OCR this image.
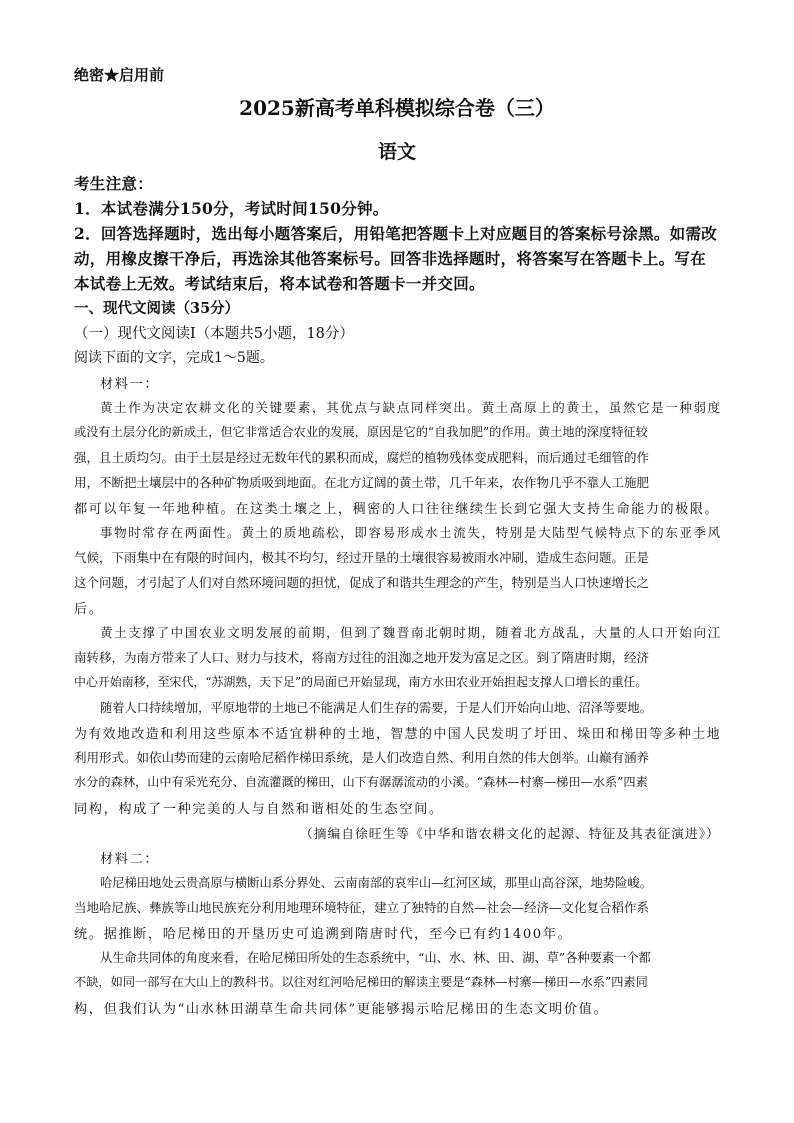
绝密★启用前
2025新高考单科模拟综合卷（三）
语文
考生注意：
1．本试卷满分150分，考试时间150分钟。
2．回答选择题时，选出每小题答案后，用铅笔把答题卡上对应题目的答案标号涂黑。如需改
动，用橡皮擦干净后，再选涂其他答案标号。回答非选择题时，将答案写在答题卡上。写在
本试卷上无效。考试结束后，将本试卷和答题卡一并交回。
一、现代文阅读（35分）
（一）现代文阅读Ⅰ（本题共5小题，18分）
阅读下面的文字，完成1～5题。
材料一：
黄土作为决定农耕文化的关键要素，其优点与缺点同样突出。黄土高原上的黄土，虽然它是一种弱度
或没有土层分化的新成土，但它非常适合农业的发展，原因是它的“自我加肥”的作用。黄土地的深度特征较
强，且土质均匀。由于土层是经过无数年代的累积而成，腐烂的植物残体变成肥料，而后通过毛细管的作
用，不断把土壤层中的各种矿物质吸到地面。在北方辽阔的黄土带，几千年来，农作物几乎不靠人工施肥
都可以年复一年地种植。在这类土壤之上，稠密的人口往往继续生长到它强大支持生命能力的极限。
事物时常存在两面性。黄土的质地疏松，即容易形成水土流失，特别是大陆型气候特点下的东亚季风
气候，下雨集中在有限的时间内，极其不均匀，经过开垦的土壤很容易被雨水冲刷，造成生态问题。正是
这个问题，才引起了人们对自然环境问题的担忧，促成了和谐共生理念的产生，特别是当人口快速增长之
后。
黄土支撑了中国农业文明发展的前期，但到了魏晋南北朝时期，随着北方战乱，大量的人口开始向江
南转移，为南方带来了人口、财力与技术，将南方过往的沮洳之地开发为富足之区。到了隋唐时期，经济
中心开始南移，至宋代，“苏湖熟，天下足”的局面已开始显现，南方水田农业开始担起支撑人口增长的重任。
随着人口持续增加，平原地带的土地已不能满足人们生存的需要，于是人们开始向山地、沼泽等要地。
为有效地改造和利用这些原本不适宜耕种的土地，智慧的中国人民发明了圩田、垛田和梯田等多种土地
利用形式。如依山势而建的云南哈尼稻作梯田系统，是人们改造自然、利用自然的伟大创举。山巅有涵养
水分的森林，山中有采光充分、自流灌溉的梯田，山下有潺潺流动的小溪。“森林—村寨—梯田—水系”四素
同构，构成了一种完美的人与自然和谐相处的生态空间。
（摘编自徐旺生等《中华和谐农耕文化的起源、特征及其表征演进》）
材料二：
哈尼梯田地处云贵高原与横断山系分界处、云南南部的哀牢山—红河区域，那里山高谷深，地势险峻。
当地哈尼族、彝族等山地民族充分利用地理环境特征，建立了独特的自然—社会—经济—文化复合稻作系
统。据推断，哈尼梯田的开垦历史可追溯到隋唐时代，至今已有约1400年。
从生命共同体的角度来看，在哈尼梯田所处的生态系统中，“山、水、林、田、湖、草”各种要素一个都
不缺，如同一部写在大山上的教科书。以往对红河哈尼梯田的解读主要是“森林—村寨—梯田—水系”四素同
构，但我们认为“山水林田湖草生命共同体”更能够揭示哈尼梯田的生态文明价值。
